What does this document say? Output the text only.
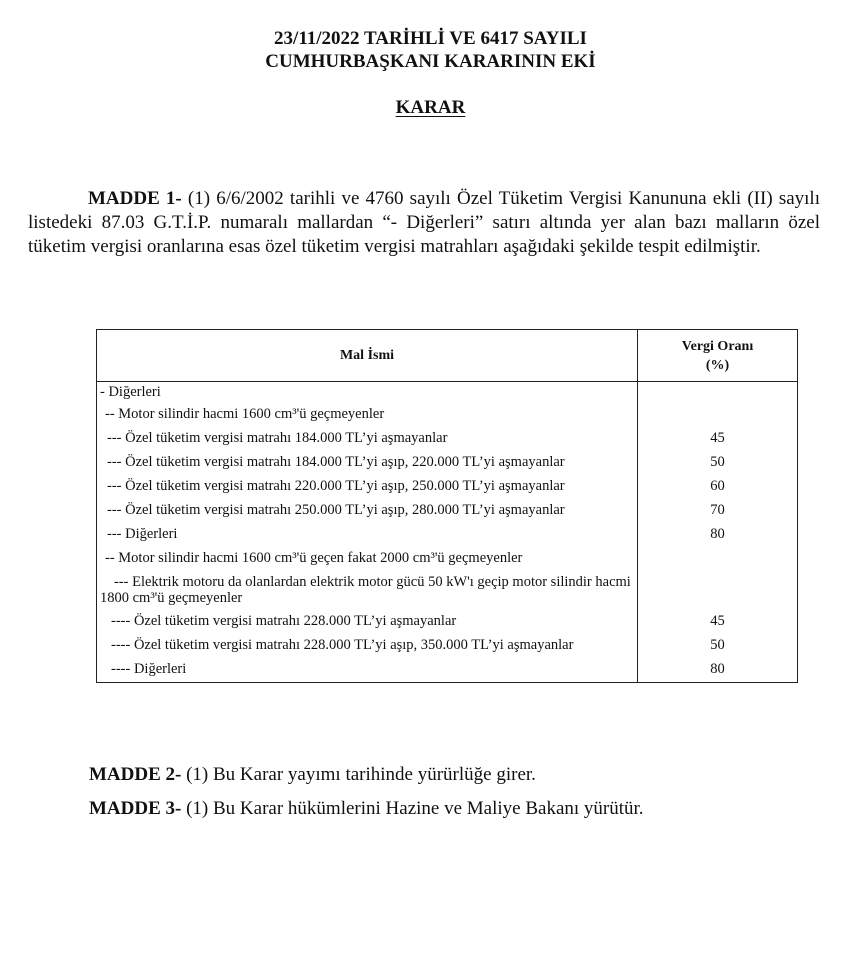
23/11/2022 TARİHLİ VE 6417 SAYILI
CUMHURBAŞKANI KARARININ EKİ
KARAR

MADDE 1- (1) 6/6/2002 tarihli ve 4760 sayılı Özel Tüketim Vergisi Kanununa ekli (II) sayılı listedeki 87.03 G.T.İ.P. numaralı mallardan “- Diğerleri” satırı altında yer alan bazı malların özel tüketim vergisi oranlarına esas özel tüketim vergisi matrahları aşağıdaki şekilde tespit edilmiştir.

Mal İsmi	Vergi Oranı
(%)

- Diğerleri	
-- Motor silindir hacmi 1600 cm³'ü geçmeyenler	
--- Özel tüketim vergisi matrahı 184.000 TL’yi aşmayanlar	45
--- Özel tüketim vergisi matrahı 184.000 TL’yi aşıp, 220.000 TL’yi aşmayanlar	50
--- Özel tüketim vergisi matrahı 220.000 TL’yi aşıp, 250.000 TL’yi aşmayanlar	60
--- Özel tüketim vergisi matrahı 250.000 TL’yi aşıp, 280.000 TL’yi aşmayanlar	70
--- Diğerleri	80
-- Motor silindir hacmi 1600 cm³'ü geçen fakat 2000 cm³'ü geçmeyenler	
--- Elektrik motoru da olanlardan elektrik motor gücü 50 kW'ı geçip motor silindir hacmi 1800 cm³'ü geçmeyenler	
---- Özel tüketim vergisi matrahı 228.000 TL’yi aşmayanlar	45
---- Özel tüketim vergisi matrahı 228.000 TL’yi aşıp, 350.000 TL’yi aşmayanlar	50
---- Diğerleri	80
MADDE 2- (1) Bu Karar yayımı tarihinde yürürlüğe girer.
MADDE 3- (1) Bu Karar hükümlerini Hazine ve Maliye Bakanı yürütür.
